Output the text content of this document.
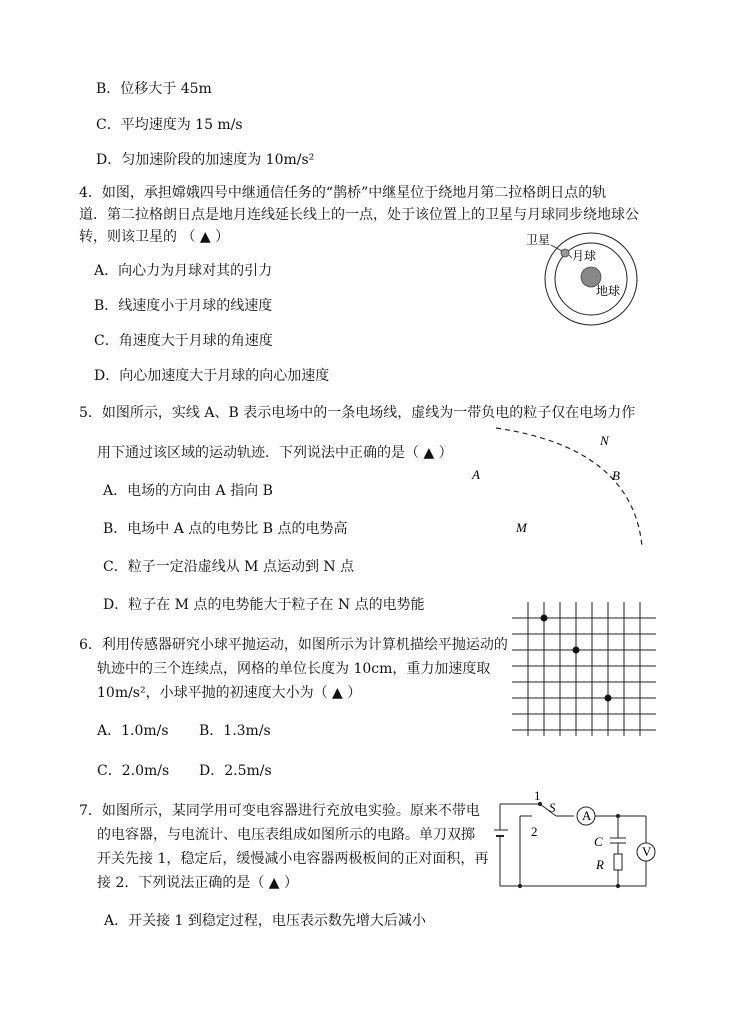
B．位移大于 45m
C．平均速度为 15 m/s
D．匀加速阶段的加速度为 10m/s²
4．如图，承担嫦娥四号中继通信任务的“鹊桥”中继星位于绕地月第二拉格朗日点的轨
道．第二拉格朗日点是地月连线延长线上的一点，处于该位置上的卫星与月球同步绕地球公
转，则该卫星的 （ ▲ ）
A．向心力为月球对其的引力
B．线速度小于月球的线速度
C．角速度大于月球的角速度
D．向心加速度大于月球的向心加速度
卫星
月球
地球
5．如图所示，实线 A、B 表示电场中的一条电场线，虚线为一带负电的粒子仅在电场力作
用下通过该区域的运动轨迹．下列说法中正确的是（ ▲ ）
A．电场的方向由 A 指向 B
B．电场中 A 点的电势比 B 点的电势高
C．粒子一定沿虚线从 M 点运动到 N 点
D．粒子在 M 点的电势能大于粒子在 N 点的电势能
N
A	B
M
6．利用传感器研究小球平抛运动，如图所示为计算机描绘平抛运动的
轨迹中的三个连续点，网格的单位长度为 10cm，重力加速度取
10m/s²，小球平抛的初速度大小为（ ▲ ）
A．1.0m/s B．1.3m/s
C．2.0m/s D．2.5m/s
7．如图所示，某同学用可变电容器进行充放电实验。原来不带电
的电容器，与电流计、电压表组成如图所示的电路。单刀双掷
开关先接 1，稳定后，缓慢减小电容器两极板间的正对面积，再
接 2．下列说法正确的是（ ▲ ）
A．开关接 1 到稳定过程，电压表示数先增大后减小
1
2
S
A
C
R
V
